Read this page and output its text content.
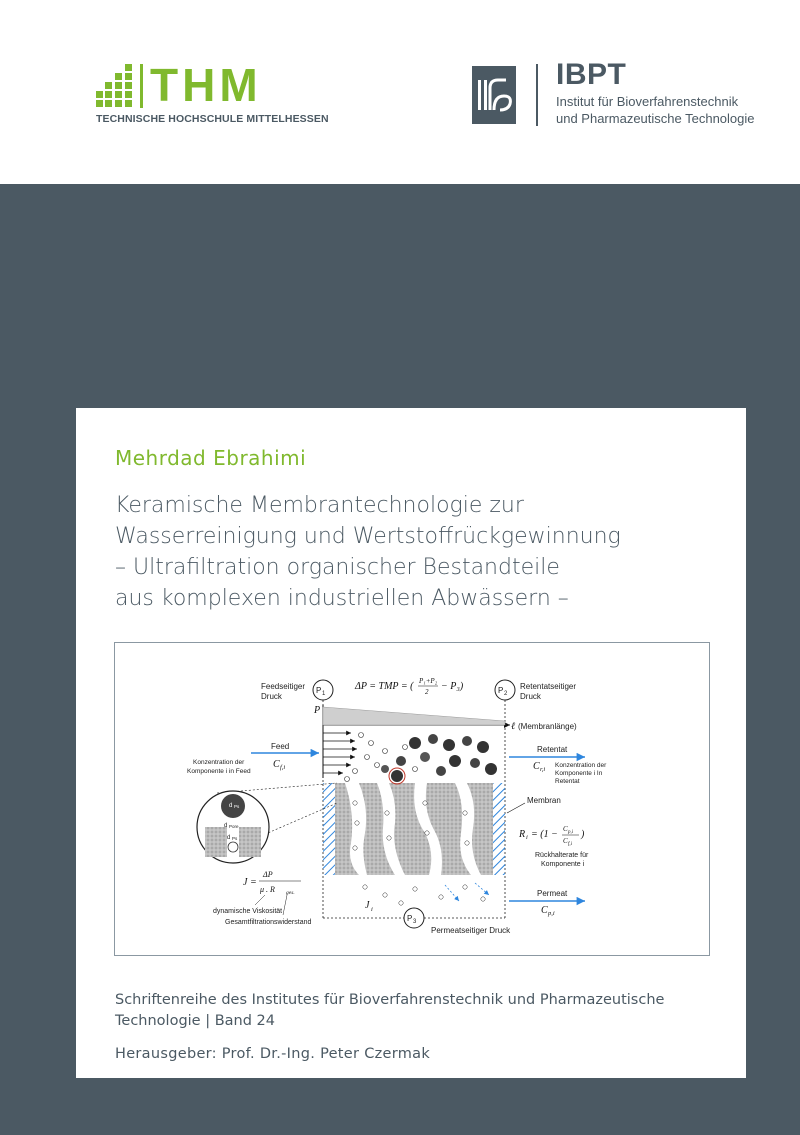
THM
TECHNISCHE HOCHSCHULE MITTELHESSEN
IBPT
Institut für Bioverfahrenstechnik
und Pharmazeutische Technologie
Mehrdad Ebrahimi
Keramische Membrantechnologie zur
Wasserreinigung und Wertstoffrückgewinnung
– Ultrafiltration organischer Bestandteile
aus komplexen industriellen Abwässern –
P 1	P 2
P 3
Feedseitiger
Druck
Retentatseitiger
Druck
ΔP = TMP = ( P₁+P₂
2 − P₃)
P
ℓ (Membranlänge)
Feed
C f,i
Konzentration der
Komponente i in Feed
Retentat
C r,i
Konzentration der
Komponente i In
Retentat
Membran
J i
R i = (1 − C p,i
C f,i
)
Rückhalterate für
Komponente i
Permeat
C p,i
Permeatseitiger Druck
d Pore
d Ps
d Ps
J =
ΔP
μ . R ges.
dynamische Viskosität
Gesamtfiltrationswiderstand
Schriftenreihe des Institutes für Bioverfahrenstechnik und Pharmazeutische
Technologie | Band 24
Herausgeber: Prof. Dr.-Ing. Peter Czermak
